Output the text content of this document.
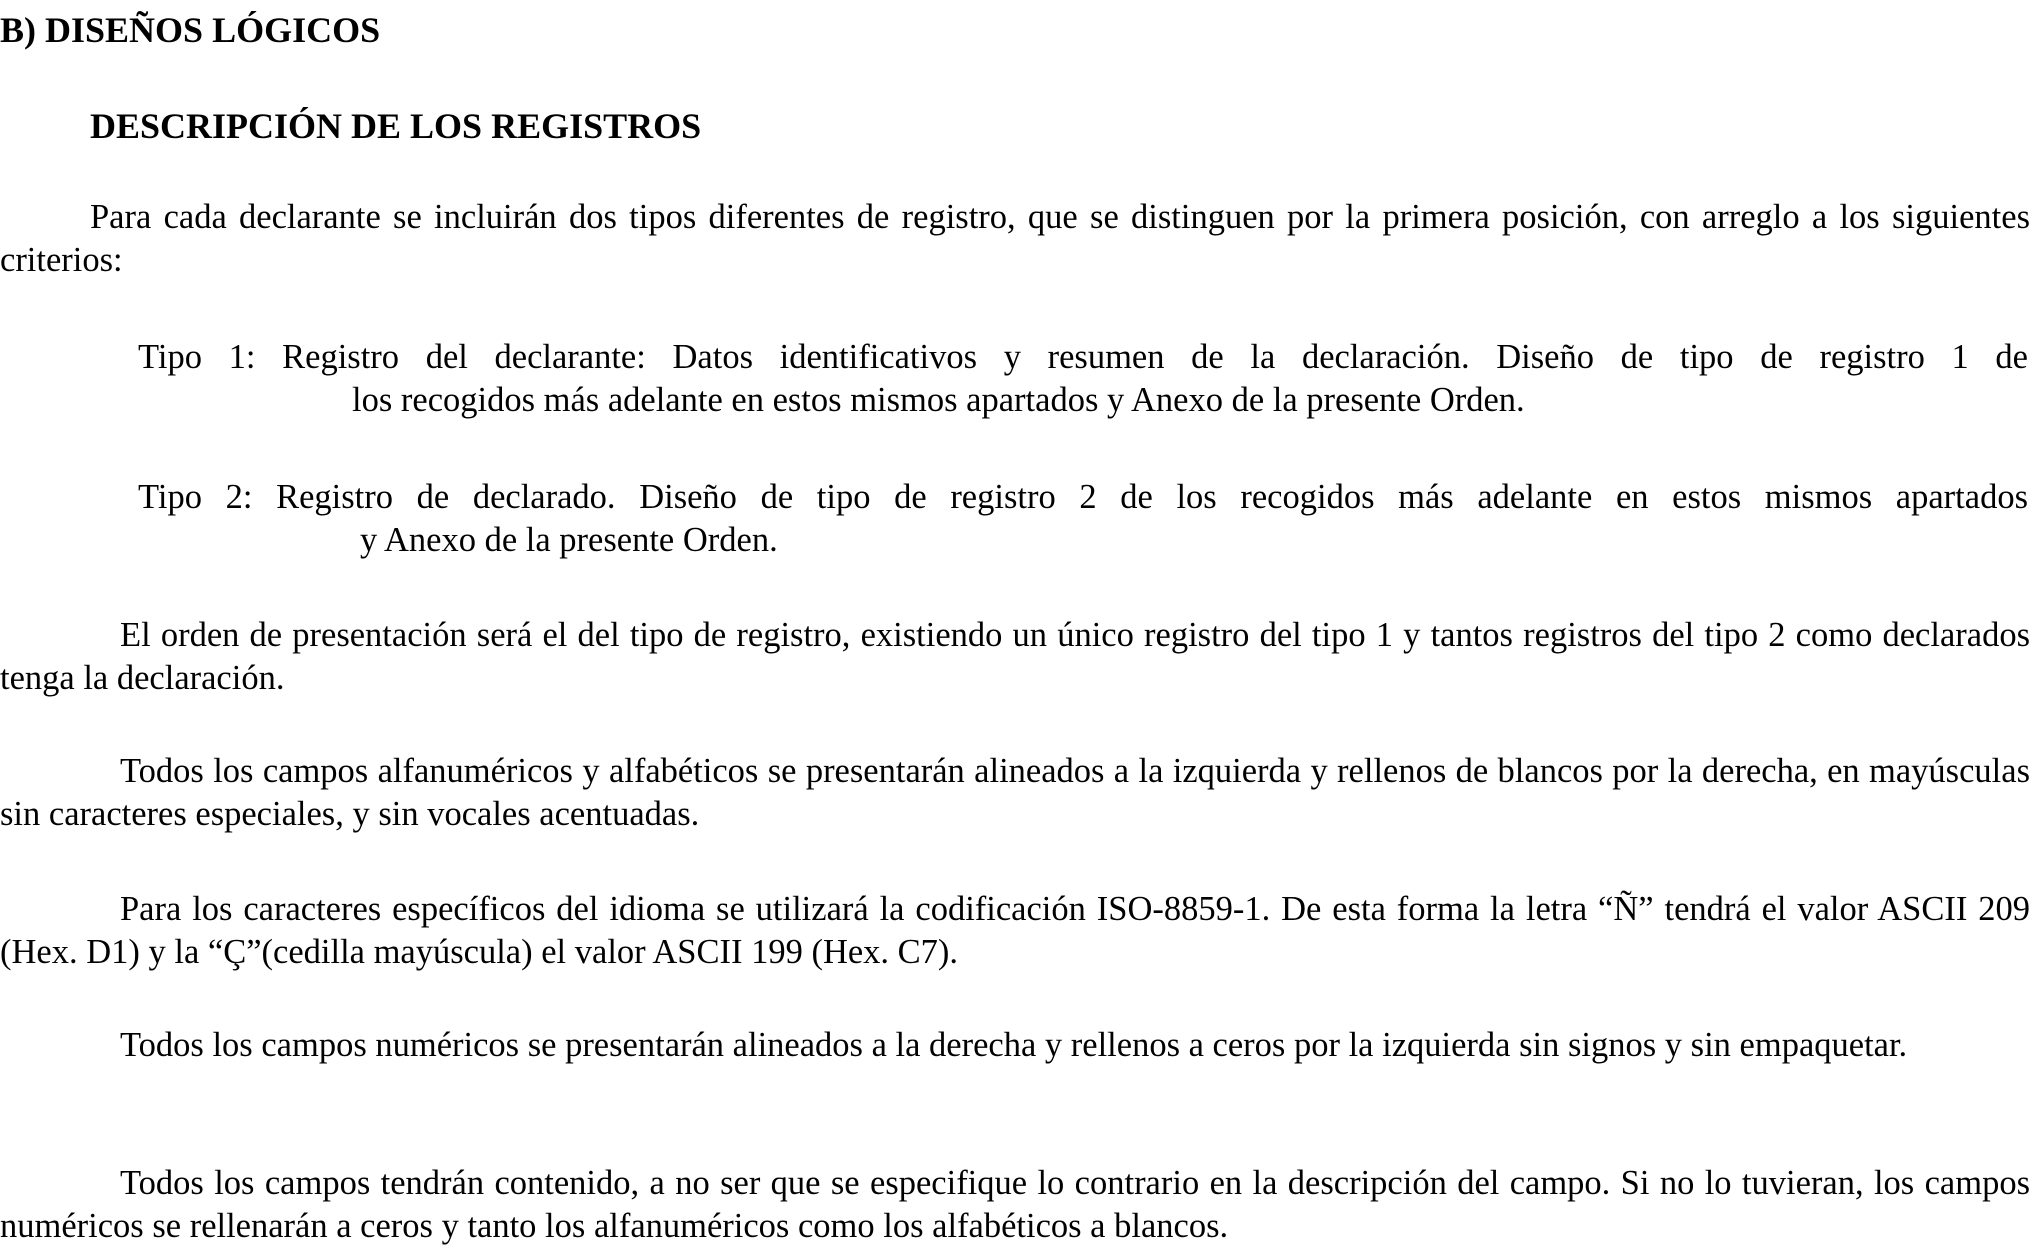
B) DISEÑOS LÓGICOS
DESCRIPCIÓN DE LOS REGISTROS

Para cada declarante se incluirán dos tipos diferentes de registro, que se distinguen por la primera posición, con arreglo a los siguientes criterios:

Tipo 1: Registro del declarante: Datos identificativos y resumen de la declaración. Diseño de tipo de registro 1 de
los recogidos más adelante en estos mismos apartados y Anexo de la presente Orden.
Tipo 2: Registro de declarado. Diseño de tipo de registro 2 de los recogidos más adelante en estos mismos apartados
y Anexo de la presente Orden.

El orden de presentación será el del tipo de registro, existiendo un único registro del tipo 1 y tantos registros del tipo 2 como declarados tenga la declaración.

Todos los campos alfanuméricos y alfabéticos se presentarán alineados a la izquierda y rellenos de blancos por la derecha, en mayúsculas sin caracteres especiales, y sin vocales acentuadas.

Para los caracteres específicos del idioma se utilizará la codificación ISO-8859-1. De esta forma la letra “Ñ” tendrá el valor ASCII 209 (Hex. D1) y la “Ç”(cedilla mayúscula) el valor ASCII 199 (Hex. C7).

Todos los campos numéricos se presentarán alineados a la derecha y rellenos a ceros por la izquierda sin signos y sin empaquetar.

Todos los campos tendrán contenido, a no ser que se especifique lo contrario en la descripción del campo. Si no lo tuvieran, los campos numéricos se rellenarán a ceros y tanto los alfanuméricos como los alfabéticos a blancos.
